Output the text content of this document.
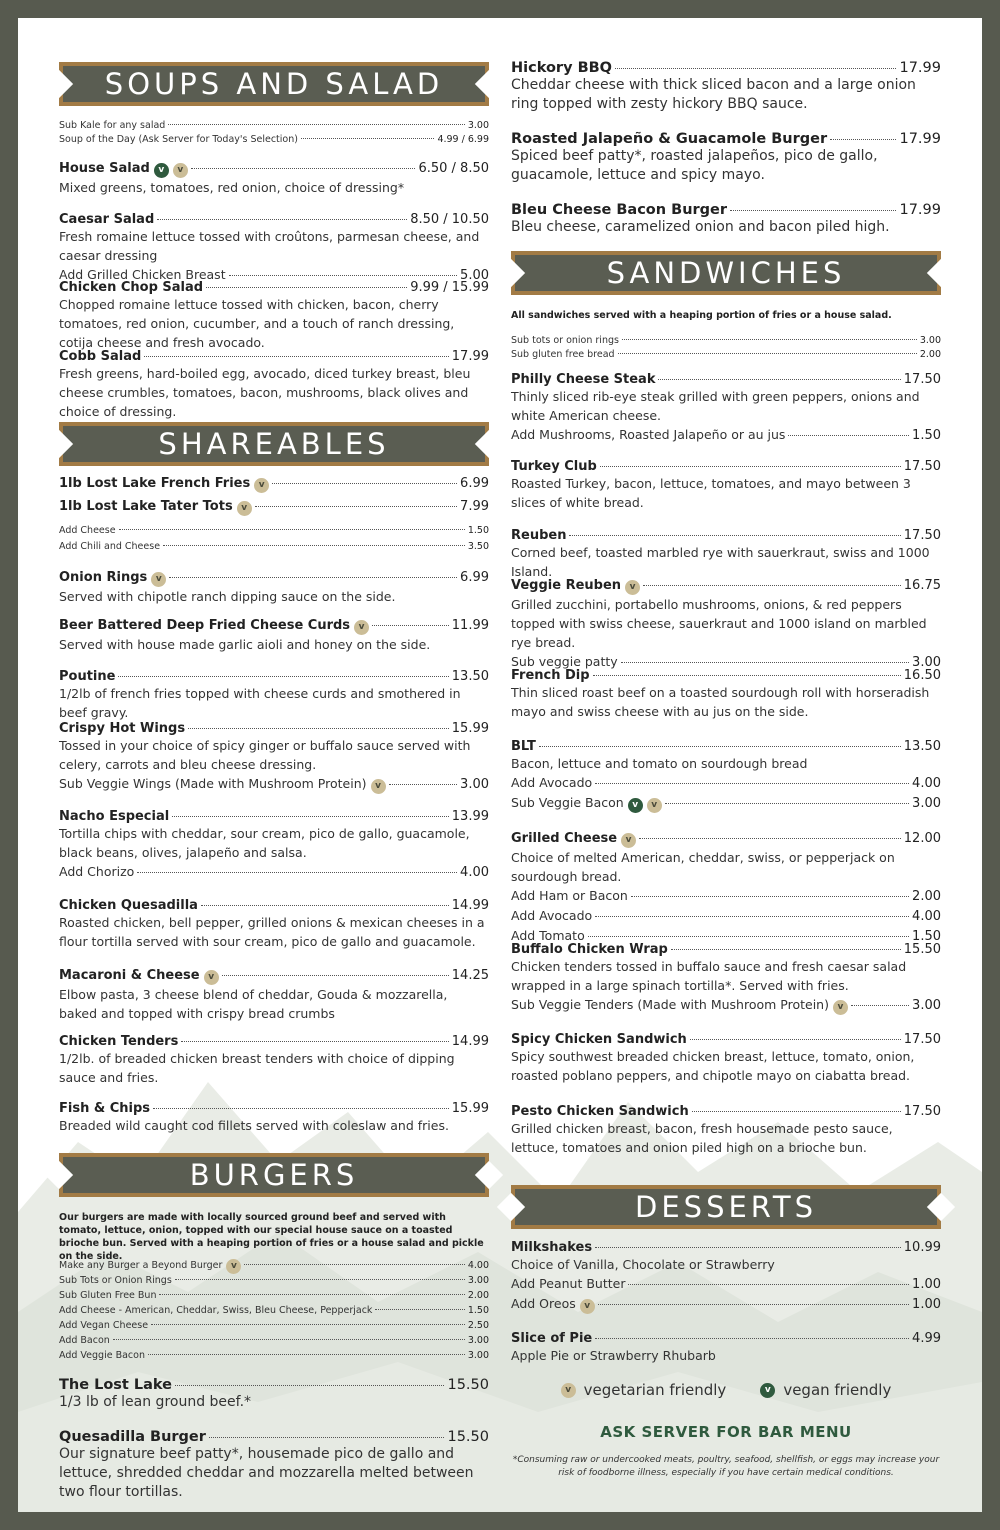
SOUPS AND SALAD
Sub Kale for any salad	3.00
Soup of the Day (Ask Server for Today's Selection)	4.99 / 6.99
House Salad v	v	6.50 / 8.50
Mixed greens, tomatoes, red onion, choice of dressing*
Caesar Salad	8.50 / 10.50
Fresh romaine lettuce tossed with croûtons, parmesan cheese, and caesar dressing
Add Grilled Chicken Breast	5.00
Chicken Chop Salad	9.99 / 15.99
Chopped romaine lettuce tossed with chicken, bacon, cherry tomatoes, red onion, cucumber, and a touch of ranch dressing, cotija cheese and fresh avocado.
Cobb Salad	17.99
Fresh greens, hard-boiled egg, avocado, diced turkey breast, bleu cheese crumbles, tomatoes, bacon, mushrooms, black olives and choice of dressing.
SHAREABLES
1lb Lost Lake French Fries v	6.99
1lb Lost Lake Tater Tots v	7.99
Add Cheese	1.50
Add Chili and Cheese	3.50
Onion Rings v	6.99
Served with chipotle ranch dipping sauce on the side.
Beer Battered Deep Fried Cheese Curds v	11.99
Served with house made garlic aioli and honey on the side.
Poutine	13.50
1/2lb of french fries topped with cheese curds and smothered in beef gravy.
Crispy Hot Wings	15.99
Tossed in your choice of spicy ginger or buffalo sauce served with celery, carrots and bleu cheese dressing.
Sub Veggie Wings (Made with Mushroom Protein) v	3.00
Nacho Especial	13.99
Tortilla chips with cheddar, sour cream, pico de gallo, guacamole, black beans, olives, jalapeño and salsa.
Add Chorizo	4.00
Chicken Quesadilla	14.99
Roasted chicken, bell pepper, grilled onions & mexican cheeses in a flour tortilla served with sour cream, pico de gallo and guacamole.
Macaroni & Cheese v	14.25
Elbow pasta, 3 cheese blend of cheddar, Gouda & mozzarella, baked and topped with crispy bread crumbs
Chicken Tenders	14.99
1/2lb. of breaded chicken breast tenders with choice of dipping sauce and fries.
Fish & Chips	15.99
Breaded wild caught cod fillets served with coleslaw and fries.
BURGERS
Our burgers are made with locally sourced ground beef and served with tomato, lettuce, onion, topped with our special house sauce on a toasted brioche bun. Served with a heaping portion of fries or a house salad and pickle on the side.
Make any Burger a Beyond Burger v	4.00
Sub Tots or Onion Rings	3.00
Sub Gluten Free Bun	2.00
Add Cheese - American, Cheddar, Swiss, Bleu Cheese, Pepperjack	1.50
Add Vegan Cheese	2.50
Add Bacon	3.00
Add Veggie Bacon	3.00
The Lost Lake	15.50
1/3 lb of lean ground beef.*
Quesadilla Burger	15.50
Our signature beef patty*, housemade pico de gallo and lettuce, shredded cheddar and mozzarella melted between two flour tortillas.
Hickory BBQ	17.99
Cheddar cheese with thick sliced bacon and a large onion ring topped with zesty hickory BBQ sauce.
Roasted Jalapeño & Guacamole Burger	17.99
Spiced beef patty*, roasted jalapeños, pico de gallo, guacamole, lettuce and spicy mayo.
Bleu Cheese Bacon Burger	17.99
Bleu cheese, caramelized onion and bacon piled high.
SANDWICHES
All sandwiches served with a heaping portion of fries or a house salad.
Sub tots or onion rings	3.00
Sub gluten free bread	2.00
Philly Cheese Steak	17.50
Thinly sliced rib-eye steak grilled with green peppers, onions and white American cheese.
Add Mushrooms, Roasted Jalapeño or au jus	1.50
Turkey Club	17.50
Roasted Turkey, bacon, lettuce, tomatoes, and mayo between 3 slices of white bread.
Reuben	17.50
Corned beef, toasted marbled rye with sauerkraut, swiss and 1000 Island.
Veggie Reuben v	16.75
Grilled zucchini, portabello mushrooms, onions, & red peppers topped with swiss cheese, sauerkraut and 1000 island on marbled rye bread.
Sub veggie patty	3.00
French Dip	16.50
Thin sliced roast beef on a toasted sourdough roll with horseradish mayo and swiss cheese with au jus on the side.
BLT	13.50
Bacon, lettuce and tomato on sourdough bread
Add Avocado	4.00
Sub Veggie Bacon v	v	3.00
Grilled Cheese v	12.00
Choice of melted American, cheddar, swiss, or pepperjack on sourdough bread.
Add Ham or Bacon	2.00
Add Avocado	4.00
Add Tomato	1.50
Buffalo Chicken Wrap	15.50
Chicken tenders tossed in buffalo sauce and fresh caesar salad wrapped in a large spinach tortilla*. Served with fries.
Sub Veggie Tenders (Made with Mushroom Protein) v	3.00
Spicy Chicken Sandwich	17.50
Spicy southwest breaded chicken breast, lettuce, tomato, onion, roasted poblano peppers, and chipotle mayo on ciabatta bread.
Pesto Chicken Sandwich	17.50
Grilled chicken breast, bacon, fresh housemade pesto sauce, lettuce, tomatoes and onion piled high on a brioche bun.
DESSERTS
Milkshakes	10.99
Choice of Vanilla, Chocolate or Strawberry
Add Peanut Butter	1.00
Add Oreos v	1.00
Slice of Pie	4.99
Apple Pie or Strawberry Rhubarb
v vegetarian friendly	v vegan friendly
ASK SERVER FOR BAR MENU
*Consuming raw or undercooked meats, poultry, seafood, shellfish, or eggs may increase your risk of foodborne illness, especially if you have certain medical conditions.
